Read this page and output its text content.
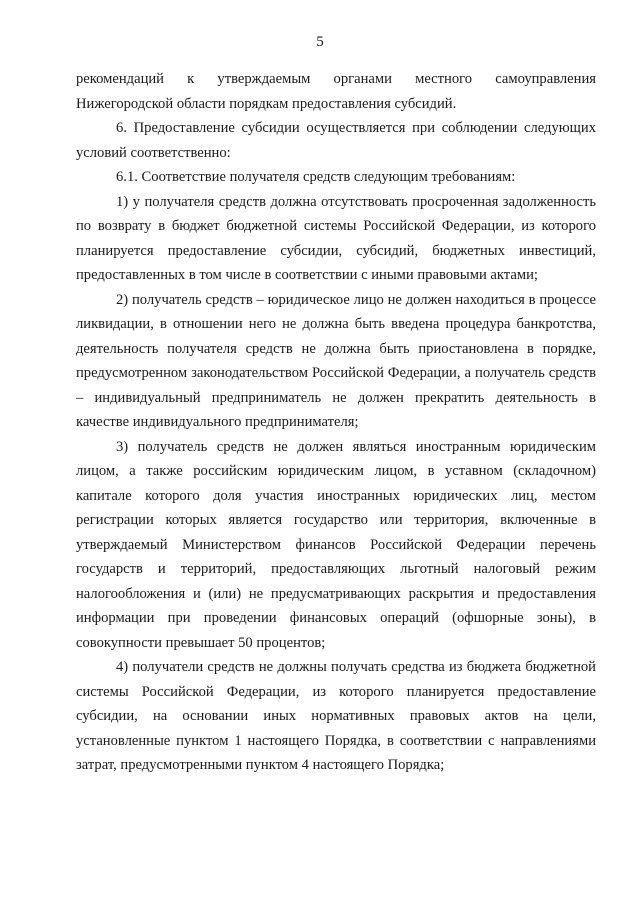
5

рекомендаций к утверждаемым органами местного самоуправления Нижегородской области порядкам предоставления субсидий.

6. Предоставление субсидии осуществляется при соблюдении следующих условий соответственно:

6.1. Соответствие получателя средств следующим требованиям:

1) у получателя средств должна отсутствовать просроченная задолженность по возврату в бюджет бюджетной системы Российской Федерации, из которого планируется предоставление субсидии, субсидий, бюджетных инвестиций, предоставленных в том числе в соответствии с иными правовыми актами;

2) получатель средств – юридическое лицо не должен находиться в процессе ликвидации, в отношении него не должна быть введена процедура банкротства, деятельность получателя средств не должна быть приостановлена в порядке, предусмотренном законодательством Российской Федерации, а получатель средств – индивидуальный предприниматель не должен прекратить деятельность в качестве индивидуального предпринимателя;

3) получатель средств не должен являться иностранным юридическим лицом, а также российским юридическим лицом, в уставном (складочном) капитале которого доля участия иностранных юридических лиц, местом регистрации которых является государство или территория, включенные в утверждаемый Министерством финансов Российской Федерации перечень государств и территорий, предоставляющих льготный налоговый режим налогообложения и (или) не предусматривающих раскрытия и предоставления информации при проведении финансовых операций (офшорные зоны), в совокупности превышает 50 процентов;

4) получатели средств не должны получать средства из бюджета бюджетной системы Российской Федерации, из которого планируется предоставление субсидии, на основании иных нормативных правовых актов на цели, установленные пунктом 1 настоящего Порядка, в соответствии с направлениями затрат, предусмотренными пунктом 4 настоящего Порядка;
